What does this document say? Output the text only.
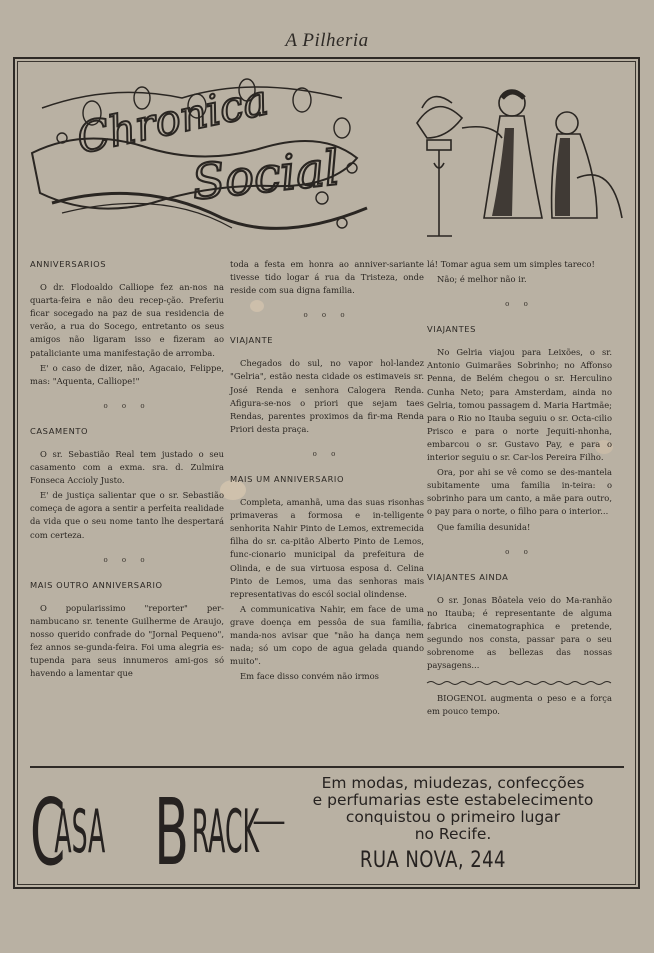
A Pilheria
Chronica
Social
ANNIVERSARIOS

O dr. Flodoaldo Calliope fez an-nos na quarta-feira e não deu recep-ção. Preferiu ficar socegado na paz de sua residencia de verão, a rua do Socego, entretanto os seus amigos não ligaram isso e fizeram ao pataliciante uma manifestação de arromba.

E' o caso de dizer, não, Agacaio, Felippe, mas: "Aquenta, Calliope!"

o o o
CASAMENTO

O sr. Sebastião Real tem justado o seu casamento com a exma. sra. d. Zulmira Fonseca Accioly Justo.

E' de justiça salientar que o sr. Sebastião começa de agora a sentir a perfeita realidade da vida que o seu nome tanto lhe despertará com certeza.

o o o
MAIS OUTRO ANNIVERSARIO

O popularissimo "reporter" per-nambucano sr. tenente Guilherme de Araujo, nosso querido confrade do "Jornal Pequeno", fez annos se-gunda-feira. Foi uma alegria es-tupenda para seus innumeros ami-gos só havendo a lamentar que

toda a festa em honra ao anniver-sariante tivesse tido logar á rua da Tristeza, onde reside com sua digna familia.

o o o
VIAJANTE

Chegados do sul, no vapor hol-landez "Gelria", estão nesta cidade os estimaveis sr. José Renda e senhora Calogera Renda. Afigura-se-nos o priori que sejam taes Rendas, parentes proximos da fir-ma Renda Priori desta praça.

o o
MAIS UM ANNIVERSARIO

Completa, amanhã, uma das suas risonhas primaveras a formosa e in-telligente senhorita Nahir Pinto de Lemos, extremecida filha do sr. ca-pitão Alberto Pinto de Lemos, func-cionario municipal da prefeitura de Olinda, e de sua virtuosa esposa d. Celina Pinto de Lemos, uma das senhoras mais representativas do escól social olindense.

A communicativa Nahir, em face de uma grave doença em pessôa de sua familia, manda-nos avisar que "não ha dança nem nada; só um copo de agua gelada quando muito".

Em face disso convém não irmos

lá! Tomar agua sem um simples tareco!

Não; é melhor não ir.

o o
VIAJANTES

No Gelria viajou para Leixões, o sr. Antonio Guimarães Sobrinho; no Affonso Penna, de Belém chegou o sr. Herculino Cunha Neto; para Amsterdam, ainda no Gelria, tomou passagem d. Maria Hartmãe; para o Rio no Itauba seguiu o sr. Octa-cilio Prisco e para o norte Jequiti-nhonha, embarcou o sr. Gustavo Pay, e para o interior seguiu o sr. Car-los Pereira Filho.

Ora, por ahi se vê como se des-mantela subitamente uma familia in-teira: o sobrinho para um canto, a mãe para outro, o pay para o norte, o filho para o interior...

Que familia desunida!

o o
VIAJANTES AINDA

O sr. Jonas Bôatela veio do Ma-ranhão no Itauba; é representante de alguma fabrica cinematographica e pretende, segundo nos consta, passar para o seu sobrenome as bellezas das nossas paysagens...

BIOGENOL augmenta o peso e a força em pouco tempo.

C
ASA B RACK
—
Em modas, miudezas, confecções
e perfumarias este estabelecimento
conquistou o primeiro lugar
no Recife.
RUA NOVA, 244
